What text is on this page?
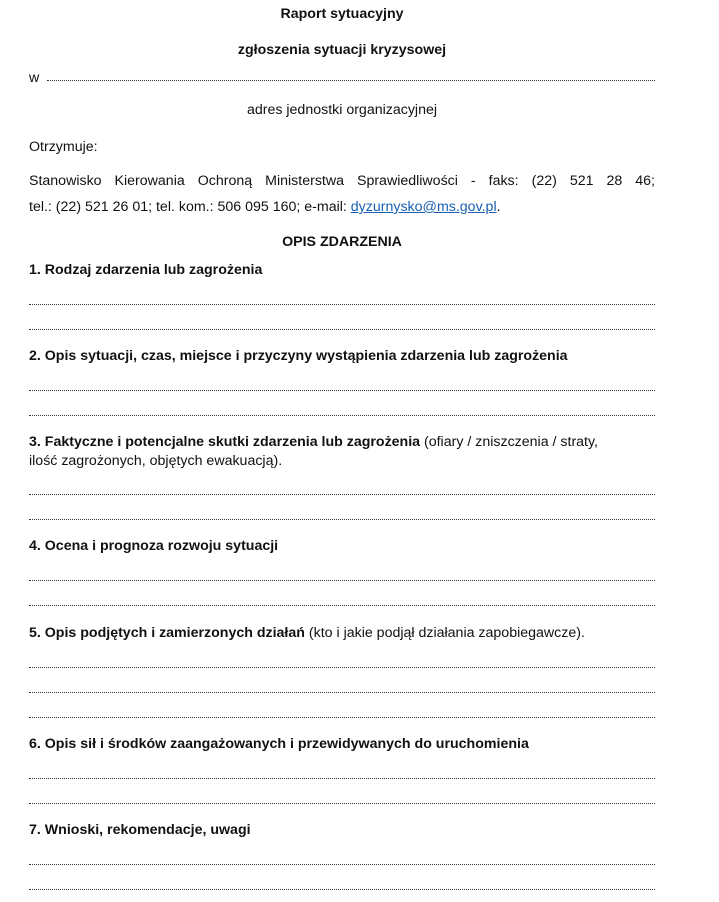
Raport sytuacyjny
zgłoszenia sytuacji kryzysowej
w
adres jednostki organizacyjnej
Otrzymuje:
Stanowisko Kierowania Ochroną Ministerstwa Sprawiedliwości - faks: (22) 521 28 46;
tel.: (22) 521 26 01; tel. kom.: 506 095 160; e-mail: dyzurnysko@ms.gov.pl.
OPIS ZDARZENIA
1. Rodzaj zdarzenia lub zagrożenia
2. Opis sytuacji, czas, miejsce i przyczyny wystąpienia zdarzenia lub zagrożenia
3. Faktyczne i potencjalne skutki zdarzenia lub zagrożenia (ofiary / zniszczenia / straty,
ilość zagrożonych, objętych ewakuacją).
4. Ocena i prognoza rozwoju sytuacji
5. Opis podjętych i zamierzonych działań (kto i jakie podjął działania zapobiegawcze).
6. Opis sił i środków zaangażowanych i przewidywanych do uruchomienia
7. Wnioski, rekomendacje, uwagi
